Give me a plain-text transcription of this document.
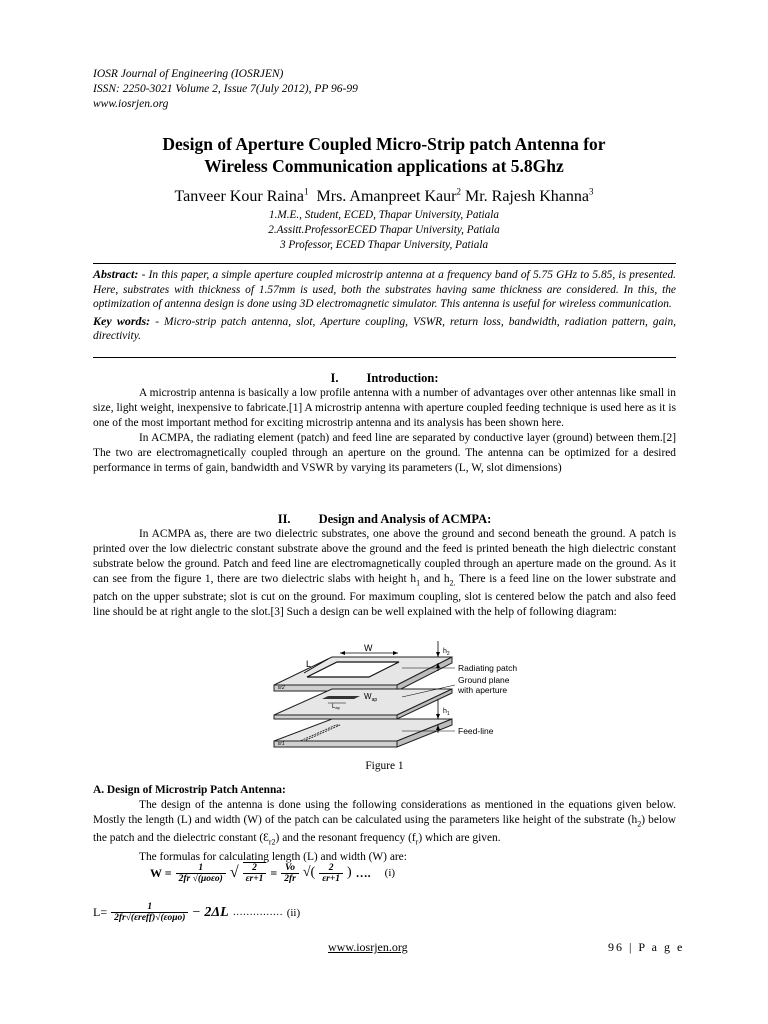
IOSR Journal of Engineering (IOSRJEN)
ISSN: 2250-3021 Volume 2, Issue 7(July 2012), PP 96-99
www.iosrjen.org
Design of Aperture Coupled Micro-Strip patch Antenna for
Wireless Communication applications at 5.8Ghz
Tanveer Kour Raina$^1$ Mrs. Amanpreet Kaur$^2$ Mr. Rajesh Khanna$^3$
1.M.E., Student, ECED, Thapar University, Patiala
2.Assitt.ProfessorECED Thapar University, Patiala
3 Professor, ECED Thapar University, Patiala
Abstract: - In this paper, a simple aperture coupled microstrip antenna at a frequency band of 5.75 GHz to 5.85, is presented. Here, substrates with thickness of 1.57mm is used, both the substrates having same thickness are considered. In this, the optimization of antenna design is done using 3D electromagnetic simulator. This antenna is useful for wireless communication.
Key words: - Micro-strip patch antenna, slot, Aperture coupling, VSWR, return loss, bandwidth, radiation pattern, gain, directivity.
I. Introduction:

A microstrip antenna is basically a low profile antenna with a number of advantages over other antennas like small in size, light weight, inexpensive to fabricate.[1] A microstrip antenna with aperture coupled feeding technique is used here as it is one of the most important method for exciting microstrip antenna and its analysis has been shown here.

In ACMPA, the radiating element (patch) and feed line are separated by conductive layer (ground) between them.[2] The two are electromagnetically coupled through an aperture on the ground. The antenna can be optimized for a desired performance in terms of gain, bandwidth and VSWR by varying its parameters (L, W, slot dimensions)

II. Design and Analysis of ACMPA:

In ACMPA as, there are two dielectric substrates, one above the ground and second beneath the ground. A patch is printed over the low dielectric constant substrate above the ground and the feed is printed beneath the high dielectric constant substrate below the ground. Patch and feed line are electromagnetically coupled through an aperture made on the ground. As it can see from the figure 1, there are two dielectric slabs with height $h_1$ and $h_{2.}$ There is a feed line on the lower substrate and patch on the upper substrate; slot is cut on the ground. For maximum coupling, slot is centered below the patch and also feed line should be at right angle to the slot.[3] Such a design can be well explained with the help of following diagram:

W
L
Lap
$W_{ap}$
εr2
εr1
$h_2$
$h_1$
Radiating patch
Ground plane
with aperture
Feed-line
Figure 1
A. Design of Microstrip Patch Antenna:

The design of the antenna is done using the following considerations as mentioned in the equations given below. Mostly the length (L) and width (W) of the patch can be calculated using the parameters like height of the substrate $(h_2)$ below the patch and the dielectric constant $(Ɛ_{r2})$ and the resonant frequency $(f_r)$ which are given.

The formulas for calculating length (L) and width (W) are:

$W = \frac{1}{\text{2fr √(μoεo)}}$ √ $\frac{2}{\varepsilon r+1} = \frac{Vo}{2fr}$ √( $\frac{2}{\varepsilon r+1}$ ) …. (i)
$L= \frac{1}{\text{2fr√(εreff)√(εoμo)}} - 2\Delta L$ …………… (ii)
www.iosrjen.org	96 | P a g e
